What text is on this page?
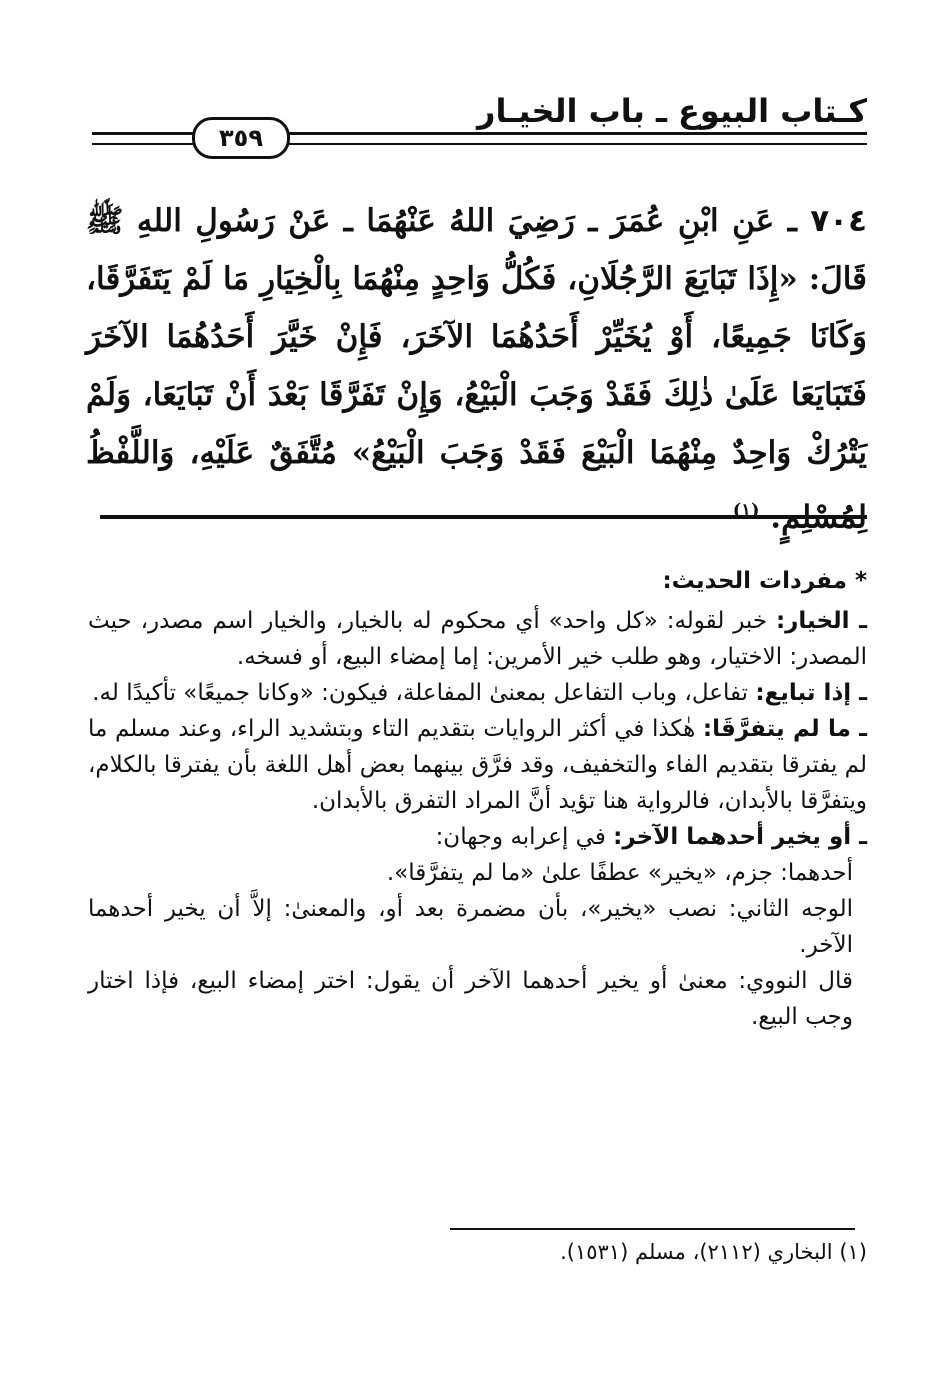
كـتاب البيوع ـ باب الخيـار
٣٥٩
٧٠٤ ـ عَنِ ابْنِ عُمَرَ ـ رَضِيَ اللهُ عَنْهُمَا ـ عَنْ رَسُولِ اللهِ ﷺ قَالَ: «إِذَا تَبَايَعَ الرَّجُلَانِ، فَكُلُّ وَاحِدٍ مِنْهُمَا بِالْخِيَارِ مَا لَمْ يَتَفَرَّقَا، وَكَانَا جَمِيعًا، أَوْ يُخَيِّرْ أَحَدُهُمَا الآخَرَ، فَإِنْ خَيَّرَ أَحَدُهُمَا الآخَرَ فَتَبَايَعَا عَلَىٰ ذٰلِكَ فَقَدْ وَجَبَ الْبَيْعُ، وَإِنْ تَفَرَّقَا بَعْدَ أَنْ تَبَايَعَا، وَلَمْ يَتْرُكْ وَاحِدٌ مِنْهُمَا الْبَيْعَ فَقَدْ وَجَبَ الْبَيْعُ» مُتَّفَقٌ عَلَيْهِ، وَاللَّفْظُ لِمُسْلِمٍ. $^{(١)}$

* مفردات الحديث:

ـ الخيار: خبر لقوله: «كل واحد» أي محكوم له بالخيار، والخيار اسم مصدر، حيث المصدر: الاختيار، وهو طلب خير الأمرين: إما إمضاء البيع، أو فسخه.

ـ إذا تبايع: تفاعل، وباب التفاعل بمعنىٰ المفاعلة، فيكون: «وكانا جميعًا» تأكيدًا له.

ـ ما لم يتفرَّقَا: هٰكذا في أكثر الروايات بتقديم التاء وبتشديد الراء، وعند مسلم ما لم يفترقا بتقديم الفاء والتخفيف، وقد فرَّق بينهما بعض أهل اللغة بأن يفترقا بالكلام، ويتفرَّقا بالأبدان، فالرواية هنا تؤيد أنَّ المراد التفرق بالأبدان.

ـ أو يخير أحدهما الآخر: في إعرابه وجهان:

أحدهما: جزم، «يخير» عطفًا علىٰ «ما لم يتفرَّقا».

الوجه الثاني: نصب «يخير»، بأن مضمرة بعد أو، والمعنىٰ: إلاَّ أن يخير أحدهما الآخر.

قال النووي: معنىٰ أو يخير أحدهما الآخر أن يقول: اختر إمضاء البيع، فإذا اختار وجب البيع.

(١) البخاري (٢١١٢)، مسلم (١٥٣١).
